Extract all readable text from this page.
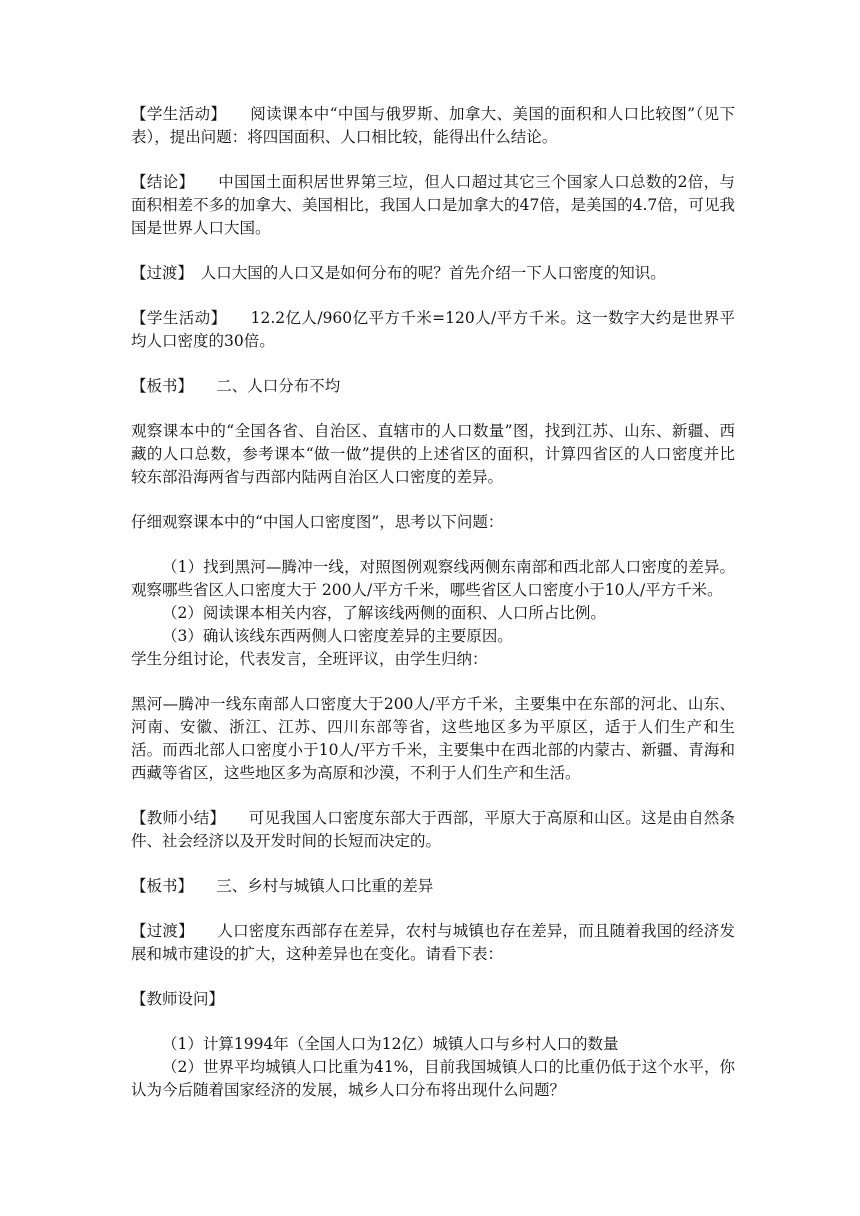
【学生活动】　　 阅读课本中“中国与俄罗斯、加拿大、美国的面积和人口比较图”（见下表），提出问题：将四国面积、人口相比较，能得出什么结论。

【结论】　　 中国国土面积居世界第三垃，但人口超过其它三个国家人口总数的2倍，与面积相差不多的加拿大、美国相比，我国人口是加拿大的47倍，是美国的4.7倍，可见我国是世界人口大国。

【过渡】　 人口大国的人口又是如何分布的呢？首先介绍一下人口密度的知识。

【学生活动】　　 12.2亿人/960亿平方千米=120人/平方千米。这一数字大约是世界平均人口密度的30倍。

【板书】　　 二、人口分布不均

观察课本中的“全国各省、自治区、直辖市的人口数量”图，找到江苏、山东、新疆、西藏的人口总数，参考课本“做一做”提供的上述省区的面积，计算四省区的人口密度并比较东部沿海两省与西部内陆两自治区人口密度的差异。

仔细观察课本中的“中国人口密度图”，思考以下问题：

（1）找到黑河—腾冲一线，对照图例观察线两侧东南部和西北部人口密度的差异。观察哪些省区人口密度大于 200人/平方千米，哪些省区人口密度小于10人/平方千米。

（2）阅读课本相关内容，了解该线两侧的面积、人口所占比例。

（3）确认该线东西两侧人口密度差异的主要原因。

学生分组讨论，代表发言，全班评议，由学生归纳：

黑河—腾冲一线东南部人口密度大于200人/平方千米，主要集中在东部的河北、山东、河南、安徽、浙江、江苏、四川东部等省，这些地区多为平原区，适于人们生产和生活。而西北部人口密度小于10人/平方千米，主要集中在西北部的内蒙古、新疆、青海和西藏等省区，这些地区多为高原和沙漠，不利于人们生产和生活。

【教师小结】　　 可见我国人口密度东部大于西部，平原大于高原和山区。这是由自然条件、社会经济以及开发时间的长短而决定的。

【板书】　　 三、乡村与城镇人口比重的差异

【过渡】　　 人口密度东西部存在差异，农村与城镇也存在差异，而且随着我国的经济发展和城市建设的扩大，这种差异也在变化。请看下表：

【教师设问】

（1）计算1994年（全国人口为12亿）城镇人口与乡村人口的数量

（2）世界平均城镇人口比重为41%，目前我国城镇人口的比重仍低于这个水平，你认为今后随着国家经济的发展，城乡人口分布将出现什么问题？
